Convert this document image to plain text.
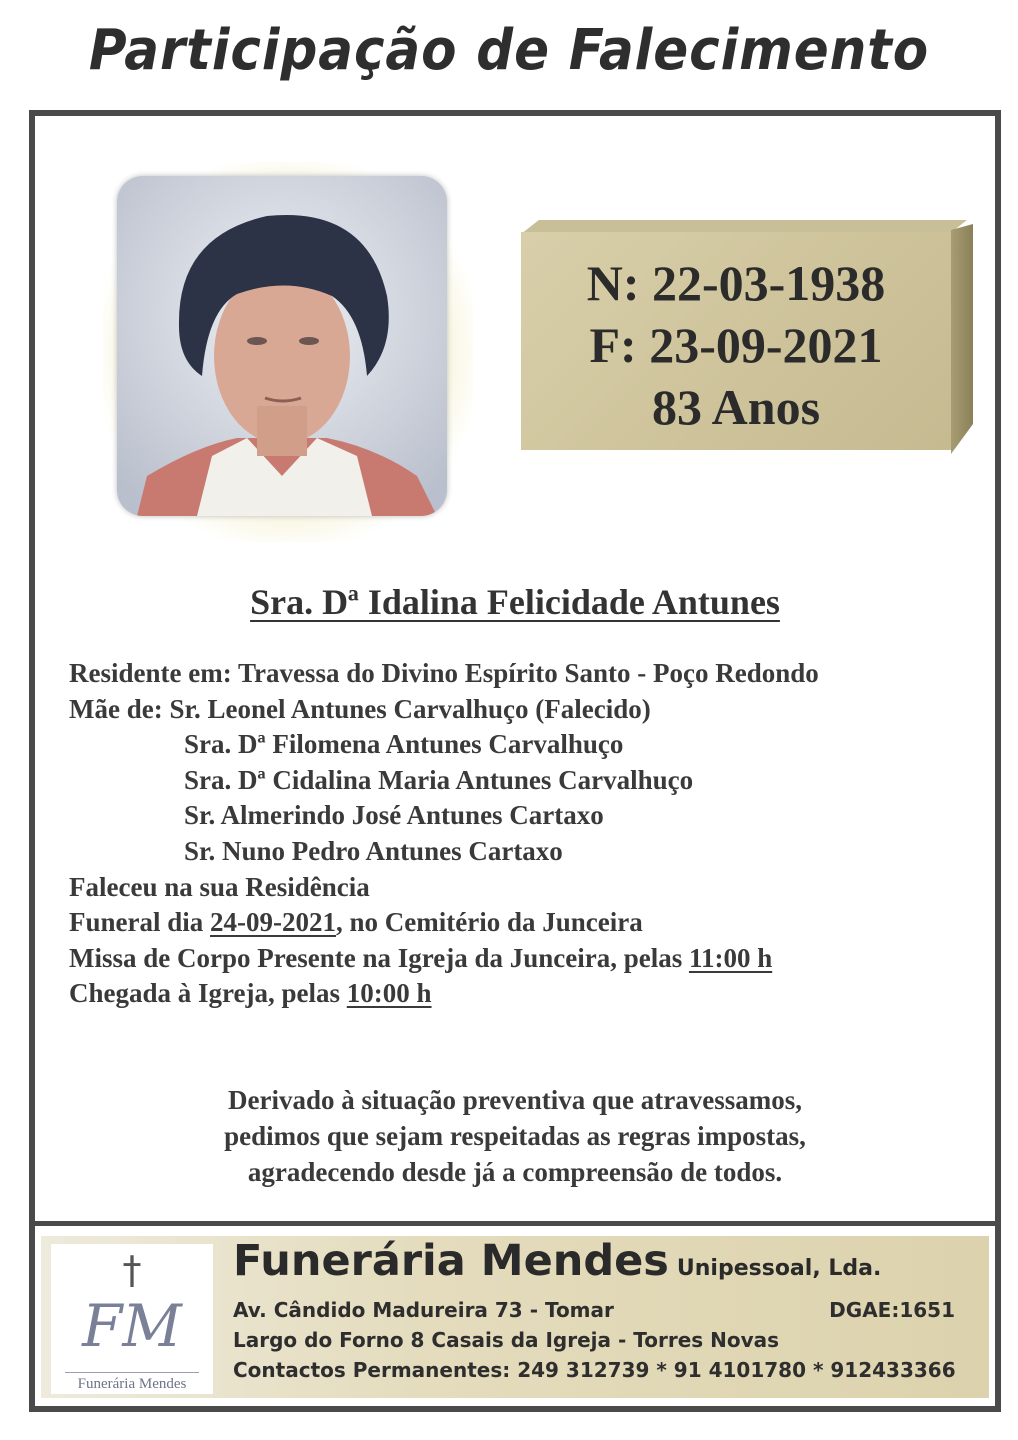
Participação de Falecimento
N: 22-03-1938
F: 23-09-2021
83 Anos
Sra. Dª Idalina Felicidade Antunes
Residente em: Travessa do Divino Espírito Santo - Poço Redondo
Mãe de: Sr. Leonel Antunes Carvalhuço (Falecido)
Sra. Dª Filomena Antunes Carvalhuço
Sra. Dª Cidalina Maria Antunes Carvalhuço
Sr. Almerindo José Antunes Cartaxo
Sr. Nuno Pedro Antunes Cartaxo
Faleceu na sua Residência
Funeral dia 24-09-2021, no Cemitério da Junceira
Missa de Corpo Presente na Igreja da Junceira, pelas 11:00 h
Chegada à Igreja, pelas 10:00 h
Derivado à situação preventiva que atravessamos,
pedimos que sejam respeitadas as regras impostas,
agradecendo desde já a compreensão de todos.
†
FM
Funerária Mendes
Funerária Mendes Unipessoal, Lda.
Av. Cândido Madureira 73 - Tomar	DGAE:1651
Largo do Forno 8 Casais da Igreja - Torres Novas
Contactos Permanentes: 249 312739 * 91 4101780 * 912433366
